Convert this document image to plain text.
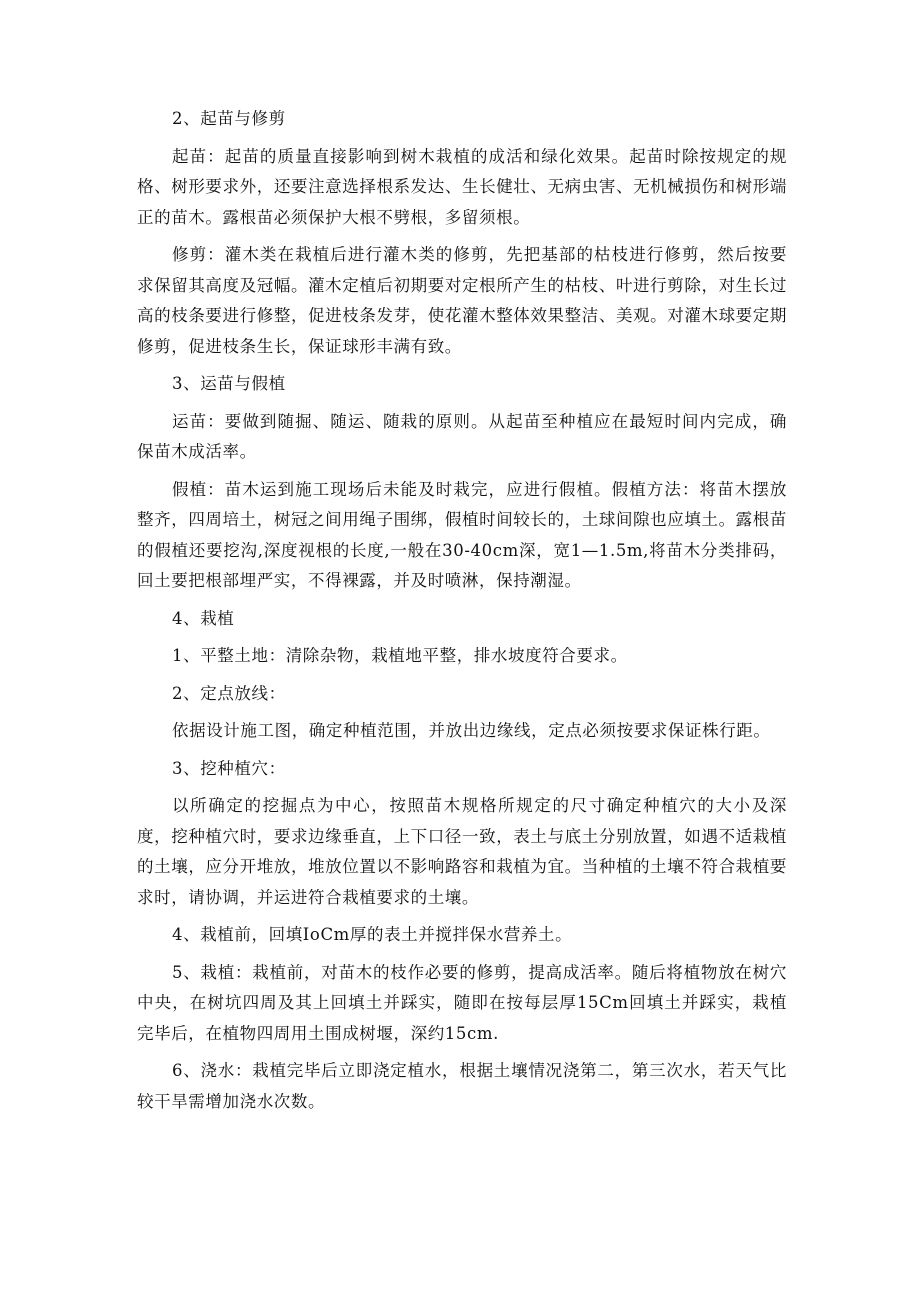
2、起苗与修剪

起苗：起苗的质量直接影响到树木栽植的成活和绿化效果。起苗时除按规定的规格、树形要求外，还要注意选择根系发达、生长健壮、无病虫害、无机械损伤和树形端正的苗木。露根苗必须保护大根不劈根，多留须根。

修剪：灌木类在栽植后进行灌木类的修剪，先把基部的枯枝进行修剪，然后按要求保留其高度及冠幅。灌木定植后初期要对定根所产生的枯枝、叶进行剪除，对生长过高的枝条要进行修整，促进枝条发芽，使花灌木整体效果整洁、美观。对灌木球要定期修剪，促进枝条生长，保证球形丰满有致。

3、运苗与假植

运苗：要做到随掘、随运、随栽的原则。从起苗至种植应在最短时间内完成，确保苗木成活率。

假植：苗木运到施工现场后未能及时栽完，应进行假植。假植方法：将苗木摆放整齐，四周培土，树冠之间用绳子围绑，假植时间较长的，土球间隙也应填土。露根苗的假植还要挖沟,深度视根的长度,一般在30-40cm深，宽1—1.5m,将苗木分类排码，回土要把根部埋严实，不得裸露，并及时喷淋，保持潮湿。

4、栽植

1、平整土地：清除杂物，栽植地平整，排水坡度符合要求。

2、定点放线：

依据设计施工图，确定种植范围，并放出边缘线，定点必须按要求保证株行距。

3、挖种植穴：

以所确定的挖掘点为中心，按照苗木规格所规定的尺寸确定种植穴的大小及深度，挖种植穴时，要求边缘垂直，上下口径一致，表土与底土分别放置，如遇不适栽植的土壤，应分开堆放，堆放位置以不影响路容和栽植为宜。当种植的土壤不符合栽植要求时，请协调，并运进符合栽植要求的土壤。

4、栽植前，回填IoCm厚的表土并搅拌保水营养土。

5、栽植：栽植前，对苗木的枝作必要的修剪，提高成活率。随后将植物放在树穴中央，在树坑四周及其上回填土并踩实，随即在按每层厚15Cm回填土并踩实，栽植完毕后，在植物四周用土围成树堰，深约15cm.

6、浇水：栽植完毕后立即浇定植水，根据土壤情况浇第二，第三次水，若天气比较干旱需增加浇水次数。
